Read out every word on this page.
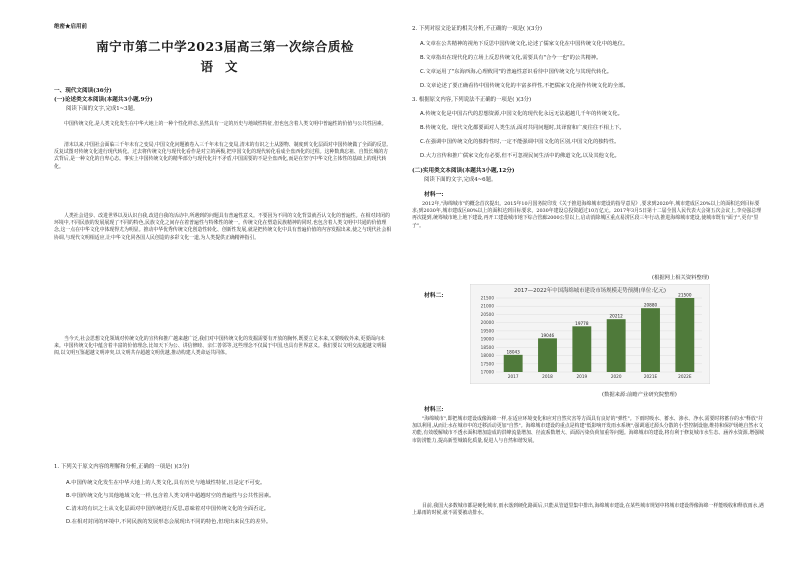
绝密★启用前
南宁市第二中学2023届高三第一次综合质检
语文
一、现代文阅读(36分)
(一)论述类文本阅读(本题共3小题,9分)
阅读下面的文字,完成1~3题。

中国传统文化,是人类文化发生在中华大地上的一种个性化样态,虽然具有一定的历史与地域性特征,但也包含着人类文明中普遍性的价值与公共性因素。

清末以来,中国社会面临三千年未有之变局,中国文化问题被卷入三千年未有之变局,清末的有识之士从器物、制度到文化层面对中国传统做了全面的反思,反复试图对传统文化进行现代转化。过去将传统文化与现代化看作是对立的两极,把中国文化的现代转化看成全盘西化的过程。这种数典忘祖、自毁长城的方式背后,是一种文化的自卑心态。事实上中国传统文化的精华部分与现代化并不矛盾,中国需要的不是全盘西化,而是在坚守中华文化主体性的基础上的现代转化。

人类社会进步、改进世界以及认识自我,改进自我的活动中,所遇到的问题具有普遍性意义。不要因为不同的文化背景就否认文化的普遍性。在相对封闭的环境中,不同民族的发展展现了不同的特色,民族文化之间存在着普遍性与特殊性的统一。传统文化在塑造民族精神的同时,也包含着人类文明中共通的价值理念,这一点在中华文化中体现得尤为明显。推动中华优秀传统文化创造性转化、创新性发展,就是把传统文化中具有普遍价值的内容发掘出来,使之与现代社会相协调,与现代文明相适应,让中华文化同各国人民创造的多彩文化一道,为人类提供正确精神指引。

当今天,社会思想文化领域对传统文化的宣传和推广越来越广泛,我们对中国传统文化的发掘需要有开放的胸怀,既要立足本来,又要吸收外来,更要面向未来。中国传统文化中蕴含着丰富的价值理念,比如天下为公、讲信修睦、亲仁善邻等,这些理念不仅属于中国,也具有世界意义。我们要以文明交流超越文明隔阂,以文明互鉴超越文明冲突,以文明共存超越文明优越,推动构建人类命运共同体。

1. 下列关于原文内容的理解和分析,正确的一项是( )(3分)

A.中国传统文化发生在中华大地上的人类文化,具有历史与地域性特征,且是定不可变。

B.中国传统文化与其他地域文化一样,包含着人类文明中超越时空的普遍性与公共性因素。

C.清末的有识之士从文化层面对中国传统进行反思,意味着对中国传统文化的全面否定。

D.在相对封闭的环境中,不同民族的发展形态会展现出不同的特色,但现出来民生的差异。

2. 下列对原文论证的相关分析,不正确的一项是( )(3分)

A.文章在公共精神的视角下反思中国传统文化,论述了儒家文化在中国传统文化中的地位。

B.文章指出在现代化的立场上反思传统文化,需要具有"合今一也"的公共精神。

C.文章运用了"东海西海,心理攸同"的普遍性意识看待中国传统文化与其现代转化。

D.文章论述了要正确看待中国传统文化的丰富多样性,不把儒家文化视作传统文化的全部。

3. 根据原文内容,下列说法不正确的一项是( )(3分)

A.传统文化是中国古代的思想资源,中国文化的现代化永远无法超越几千年的传统文化。

B.传统文化、现代文化都要面对人类生活,面对共同问题时,其译窗和广度往往不相上下。

C.在强调中国传统文化的独特性时,一定不能强调中国文化的区别,中国文化的独特性。

D.大力宣传和推广儒家文化有必要,但不可忽视民间生活中的佛道文化,以及其他文化。

(二)实用类文本阅读(本题共3小题,12分)
阅读下面的文字,完成4~6题。
材料一:

2012年,"海绵城市"的概念首次提出。2015年10月国务院印发《关于推进海绵城市建设的指导意见》,要求到2020年,城市建成区20%以上的面积达到目标要求;到2030年,城市建成区80%以上的面积达到目标要求。2030年建设总投资超过10万亿元。2017年3月5日第十二届全国人民代表大会第五次会议上,李克强总理再次提到,统筹城市地上地下建设,再开工建设城市地下综合管廊2000公里以上,启动消除城区重点易涝区段三年行动,推进海绵城市建设,使城市既有"面子",更有"里子"。

(根据网上相关资料整理)
材料二:
2017—2022年中国海绵城市建设市场规模走势预测(单位:亿元)
17000
17500
18000
18500
19000
19500
20000
20500
21000
21500
18043
19046
19778
20212
20880
21500
2017	2018	2019	2020	2021E	2022E
(数据来源:前瞻产业研究院整理)
材料三:

"海绵城市",即把城市建设成像海绵一样,在适应环境变化和应对自然灾害等方面具有良好的"弹性"。下雨时吸水、蓄水、渗水、净水,需要时将蓄存的水"释放"并加以利用,从而让水在城市中的迁移活动更加"自然"。海绵城市建设的重点是构建"低影响开发雨水系统",强调通过源头分散的小型控制设施,维持和保护场地自然水文功能,有效缓解城市不透水面积增加造成的洪峰流量增加、径流系数增大、面源污染负荷加重等问题。海绵城市的建设,将有利于修复城市水生态、涵养水资源,增强城市防涝能力,提高新型城镇化质量,促进人与自然和谐发展。

目前,我国大多数城市都是硬化城市,雨水落到硬化路面后,只能从管道里集中排出,海绵城市建设,在某些城市规划中将城市建设得像海绵一样能吸收和释放雨水,遇上暴雨的时候,就不需要被动排水。
